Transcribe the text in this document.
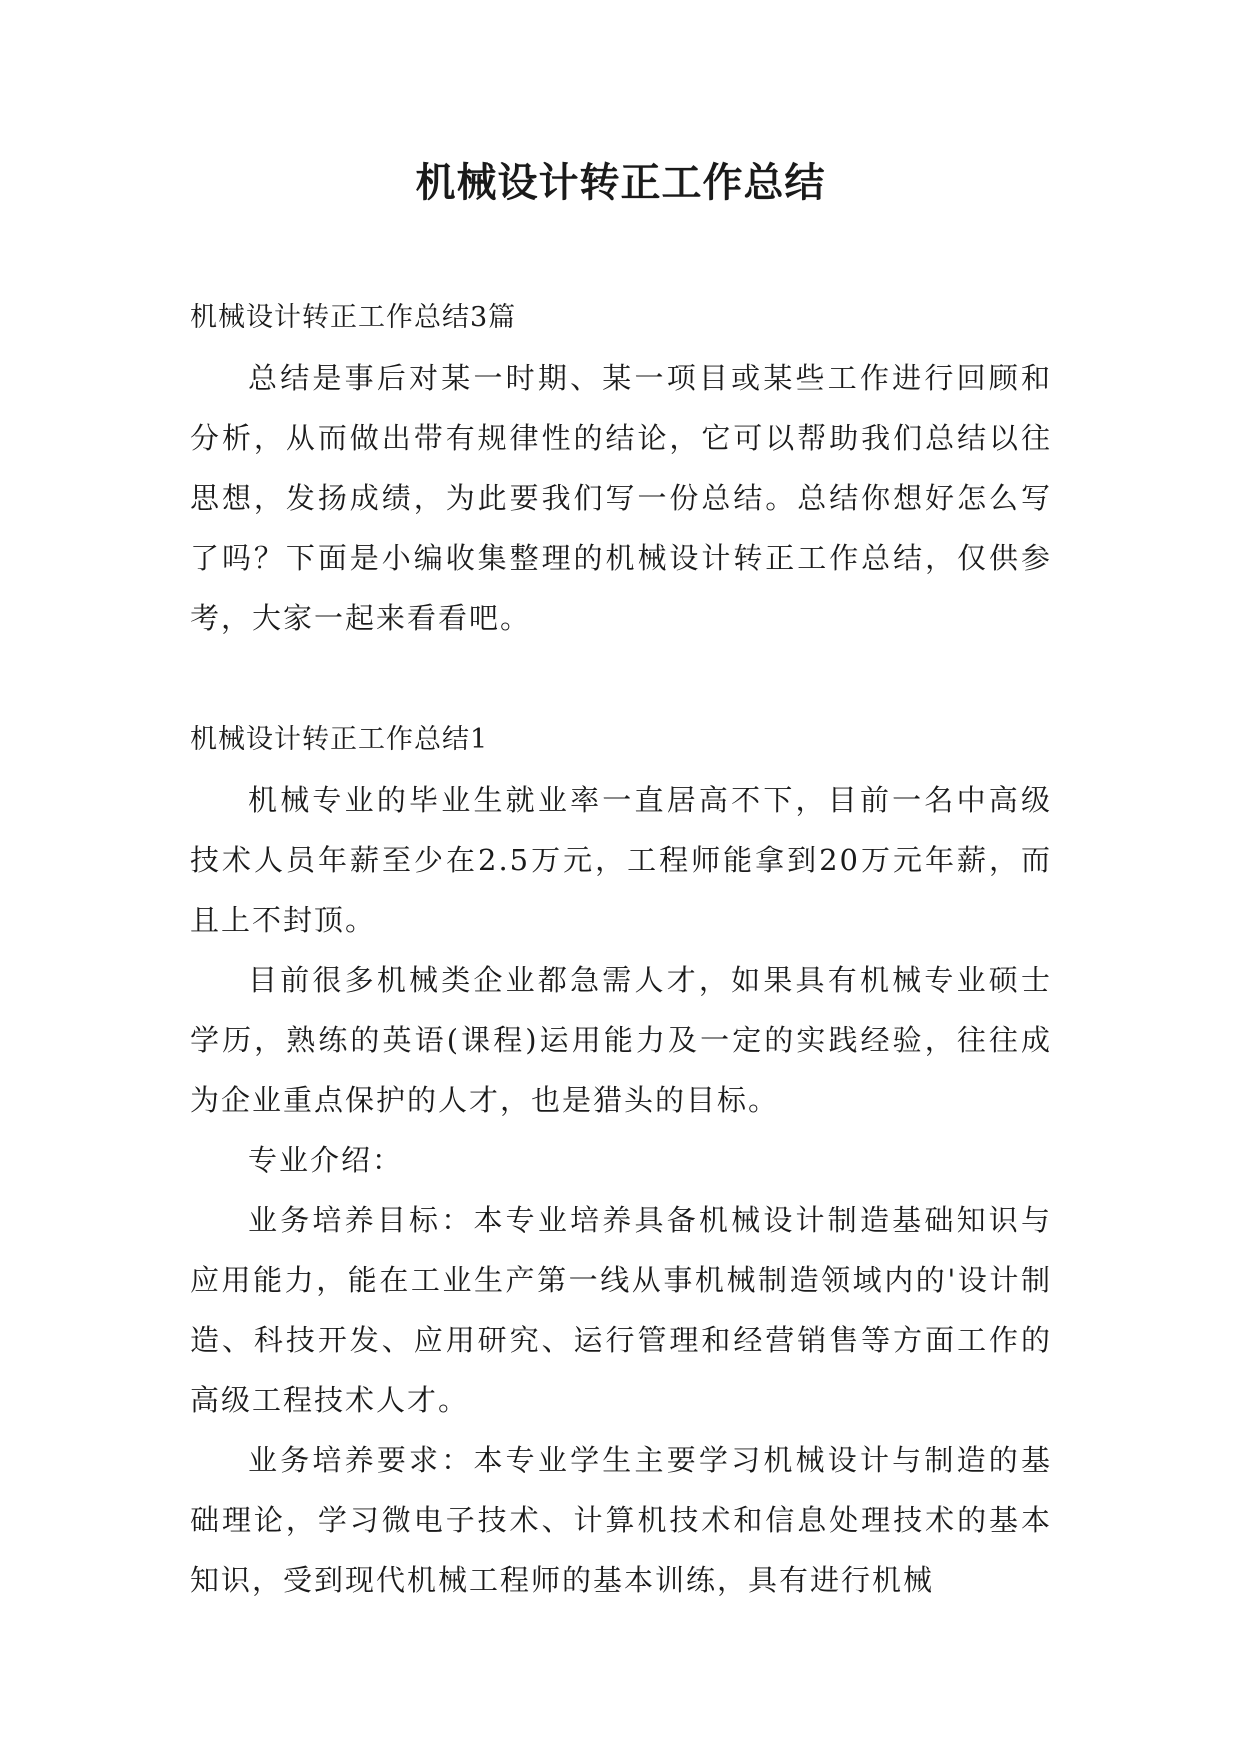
机械设计转正工作总结

机械设计转正工作总结3篇

总结是事后对某一时期、某一项目或某些工作进行回顾和分析，从而做出带有规律性的结论，它可以帮助我们总结以往思想，发扬成绩，为此要我们写一份总结。总结你想好怎么写了吗？下面是小编收集整理的机械设计转正工作总结，仅供参考，大家一起来看看吧。

机械设计转正工作总结1

机械专业的毕业生就业率一直居高不下，目前一名中高级技术人员年薪至少在2.5万元，工程师能拿到20万元年薪，而且上不封顶。

目前很多机械类企业都急需人才，如果具有机械专业硕士学历，熟练的英语(课程)运用能力及一定的实践经验，往往成为企业重点保护的人才，也是猎头的目标。

专业介绍：

业务培养目标：本专业培养具备机械设计制造基础知识与应用能力，能在工业生产第一线从事机械制造领域内的'设计制造、科技开发、应用研究、运行管理和经营销售等方面工作的高级工程技术人才。

业务培养要求：本专业学生主要学习机械设计与制造的基础理论，学习微电子技术、计算机技术和信息处理技术的基本知识，受到现代机械工程师的基本训练，具有进行机械
